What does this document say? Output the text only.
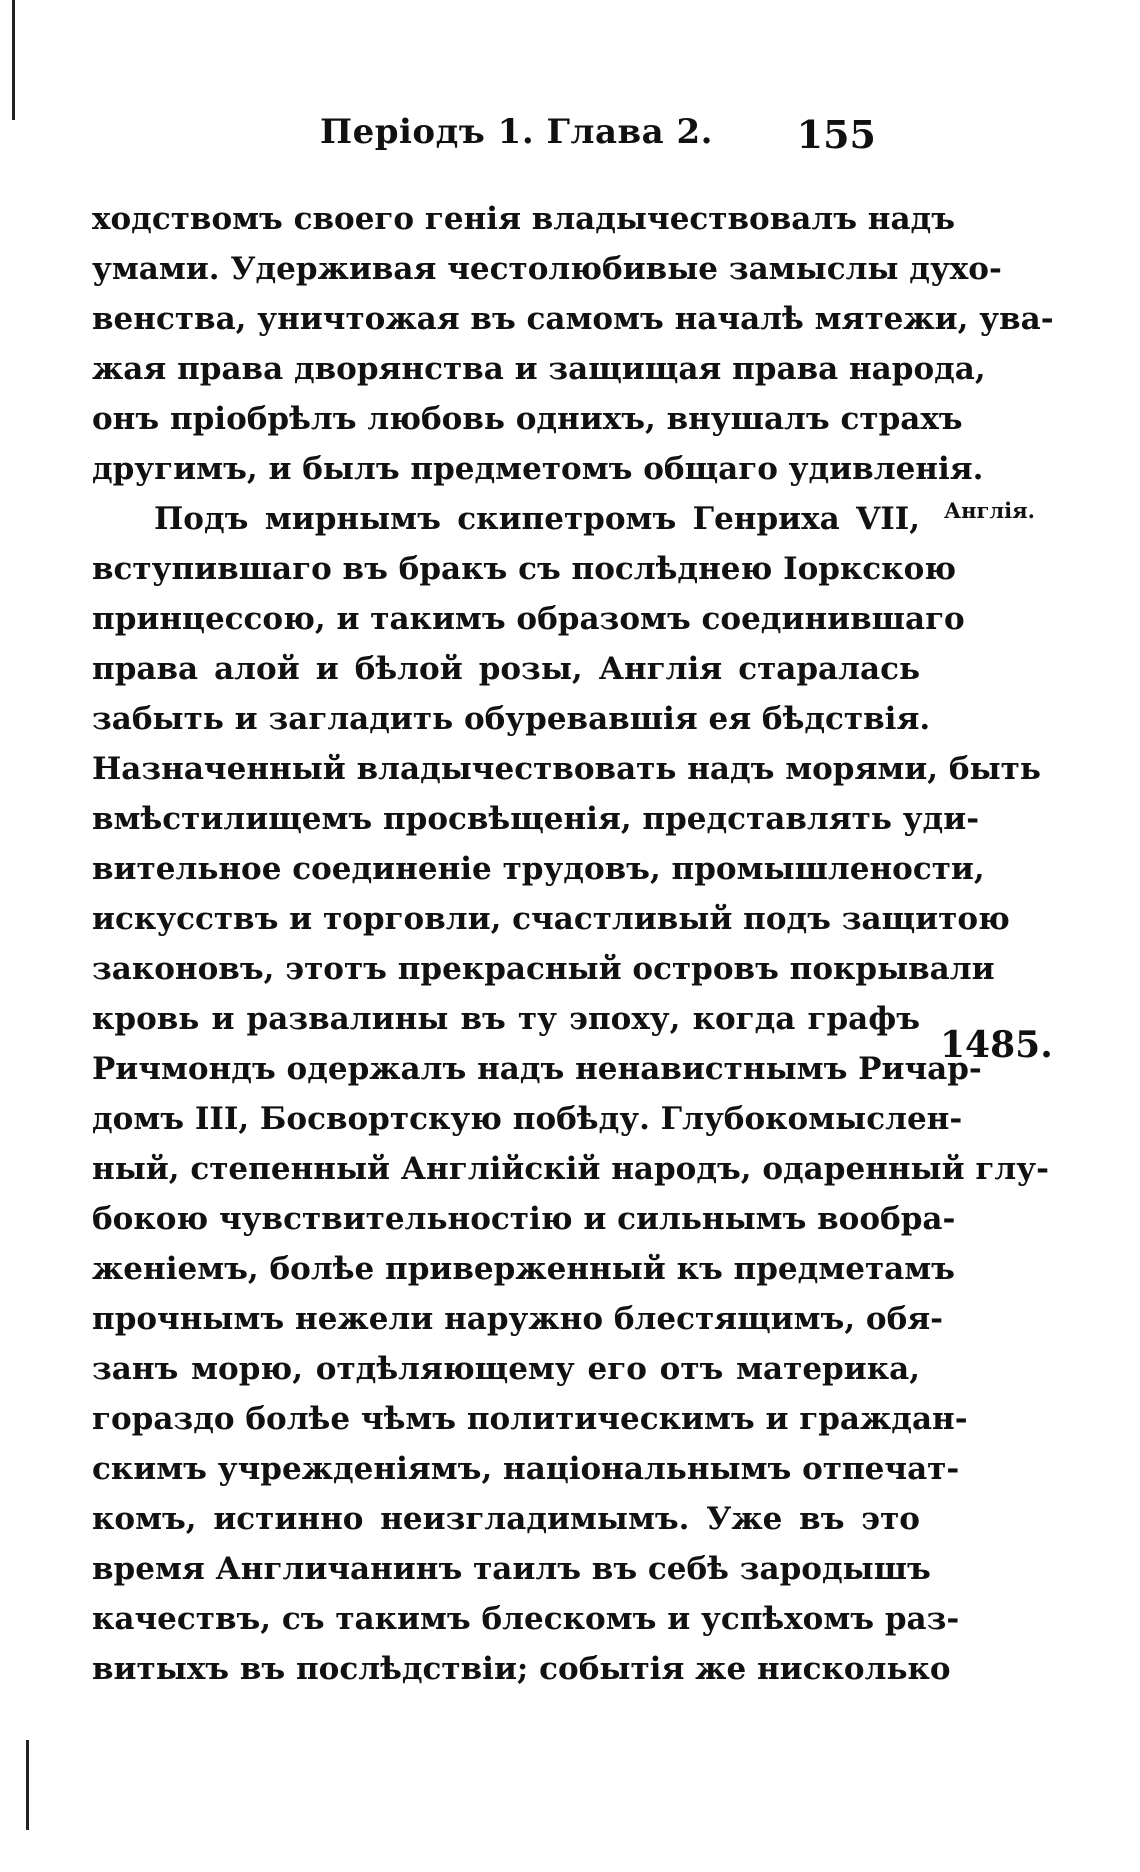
Періодъ 1. Глава 2. 155
ходствомъ своего генія владычествовалъ надъ
умами. Удерживая честолюбивые замыслы духо-
венства, уничтожая въ самомъ началѣ мятежи, ува-
жая права дворянства и защищая права народа,
онъ пріобрѣлъ любовь однихъ, внушалъ страхъ
другимъ, и былъ предметомъ общаго удивленія.
Подъ мирнымъ скипетромъ Генриха VII,
вступившаго въ бракъ съ послѣднею Іоркскою
принцессою, и такимъ образомъ соединившаго
права алой и бѣлой розы, Англія старалась
забыть и загладить обуревавшія ея бѣдствія.
Назначенный владычествовать надъ морями, быть
вмѣстилищемъ просвѣщенія, представлять уди-
вительное соединеніе трудовъ, промышлености,
искусствъ и торговли, счастливый подъ защитою
законовъ, этотъ прекрасный островъ покрывали
кровь и развалины въ ту эпоху, когда графъ
Ричмондъ одержалъ надъ ненавистнымъ Ричар-
домъ III, Босвортскую побѣду. Глубокомыслен-
ный, степенный Англійскій народъ, одаренный глу-
бокою чувствительностію и сильнымъ вообра-
женіемъ, болѣе приверженный къ предметамъ
прочнымъ нежели наружно блестящимъ, обя-
занъ морю, отдѣляющему его отъ материка,
гораздо болѣе чѣмъ политическимъ и граждан-
скимъ учрежденіямъ, національнымъ отпечат-
комъ, истинно неизгладимымъ. Уже въ это
время Англичанинъ таилъ въ себѣ зародышъ
качествъ, съ такимъ блескомъ и успѣхомъ раз-
витыхъ въ послѣдствіи; событія же нисколько
Англія.
1485.
